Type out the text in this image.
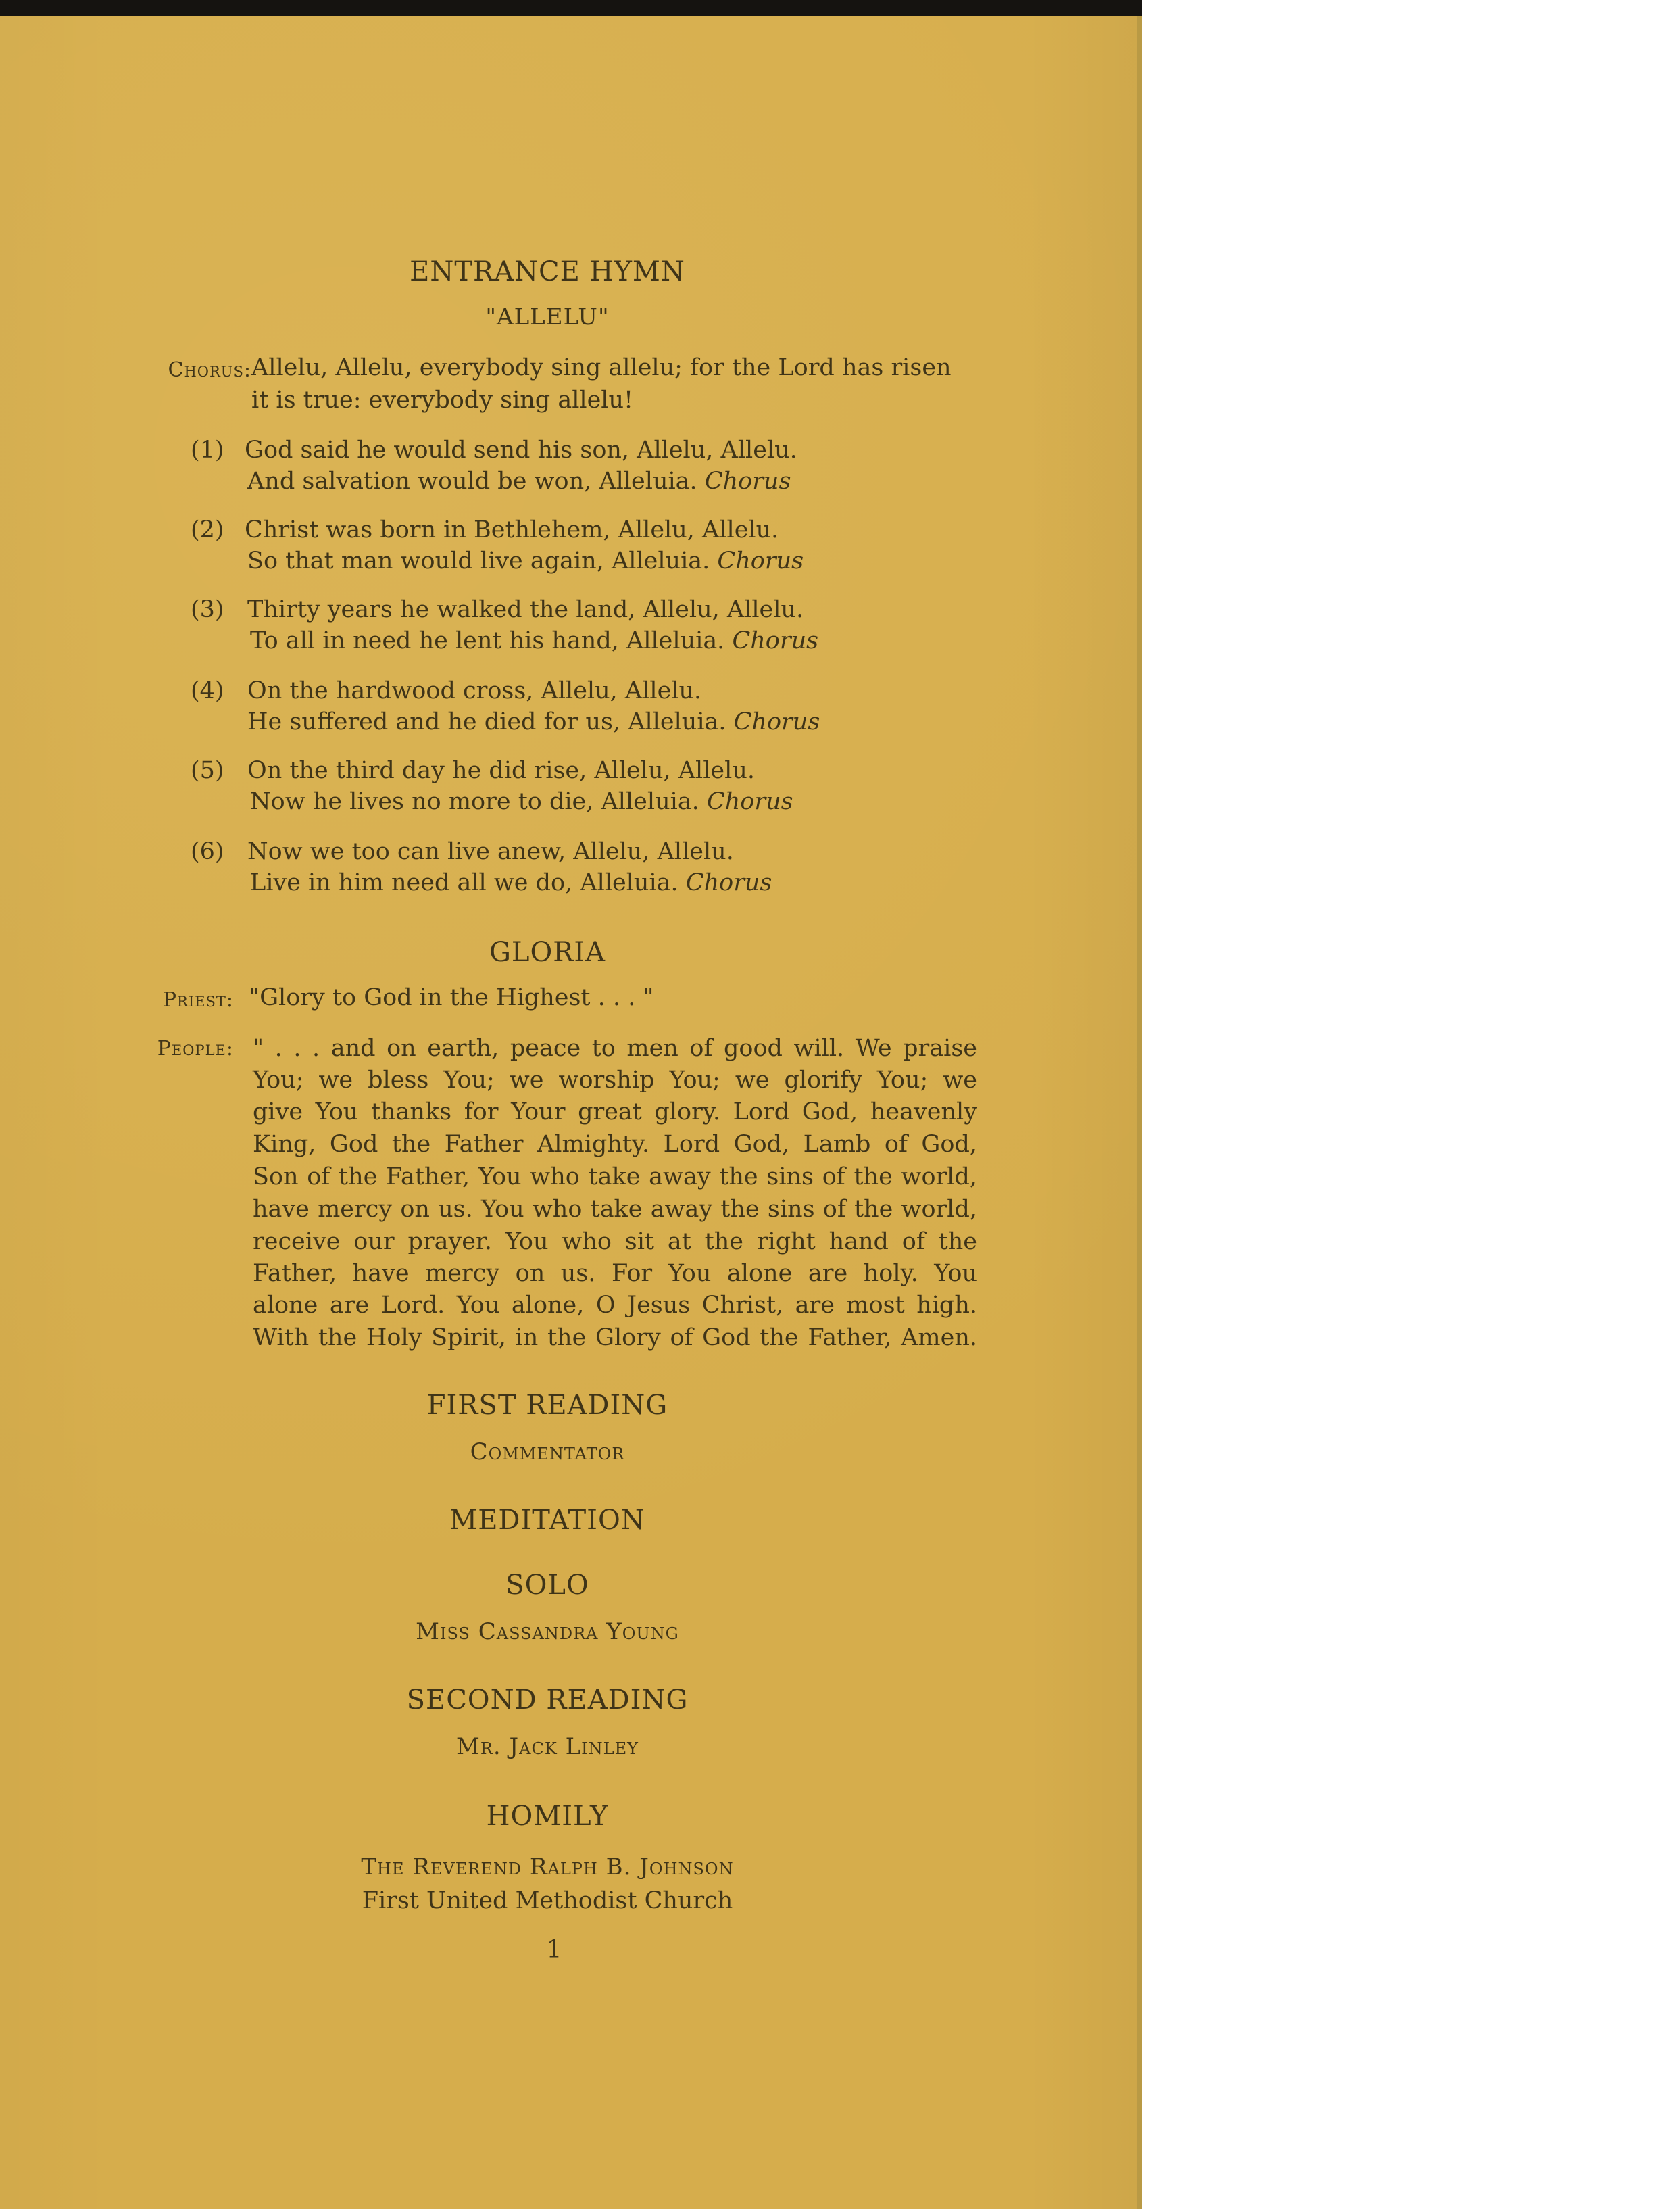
ENTRANCE HYMN
"ALLELU"
Chorus: Allelu, Allelu, everybody sing allelu; for the Lord has risen
it is true: everybody sing allelu!
(1) God said he would send his son, Allelu, Allelu.
And salvation would be won, Alleluia. Chorus
(2) Christ was born in Bethlehem, Allelu, Allelu.
So that man would live again, Alleluia. Chorus
(3) Thirty years he walked the land, Allelu, Allelu.
To all in need he lent his hand, Alleluia. Chorus
(4) On the hardwood cross, Allelu, Allelu.
He suffered and he died for us, Alleluia. Chorus
(5) On the third day he did rise, Allelu, Allelu.
Now he lives no more to die, Alleluia. Chorus
(6) Now we too can live anew, Allelu, Allelu.
Live in him need all we do, Alleluia. Chorus
GLORIA
Priest: "Glory to God in the Highest . . . "
People: " . . . and on earth, peace to men of good will. We praise
You; we bless You; we worship You; we glorify You; we
give You thanks for Your great glory. Lord God, heavenly
King, God the Father Almighty. Lord God, Lamb of God,
Son of the Father, You who take away the sins of the world,
have mercy on us. You who take away the sins of the world,
receive our prayer. You who sit at the right hand of the
Father, have mercy on us. For You alone are holy. You
alone are Lord. You alone, O Jesus Christ, are most high.
With the Holy Spirit, in the Glory of God the Father, Amen.
FIRST READING
Commentator
MEDITATION
SOLO
Miss Cassandra Young
SECOND READING
Mr. Jack Linley
HOMILY
The Reverend Ralph B. Johnson
First United Methodist Church
1
